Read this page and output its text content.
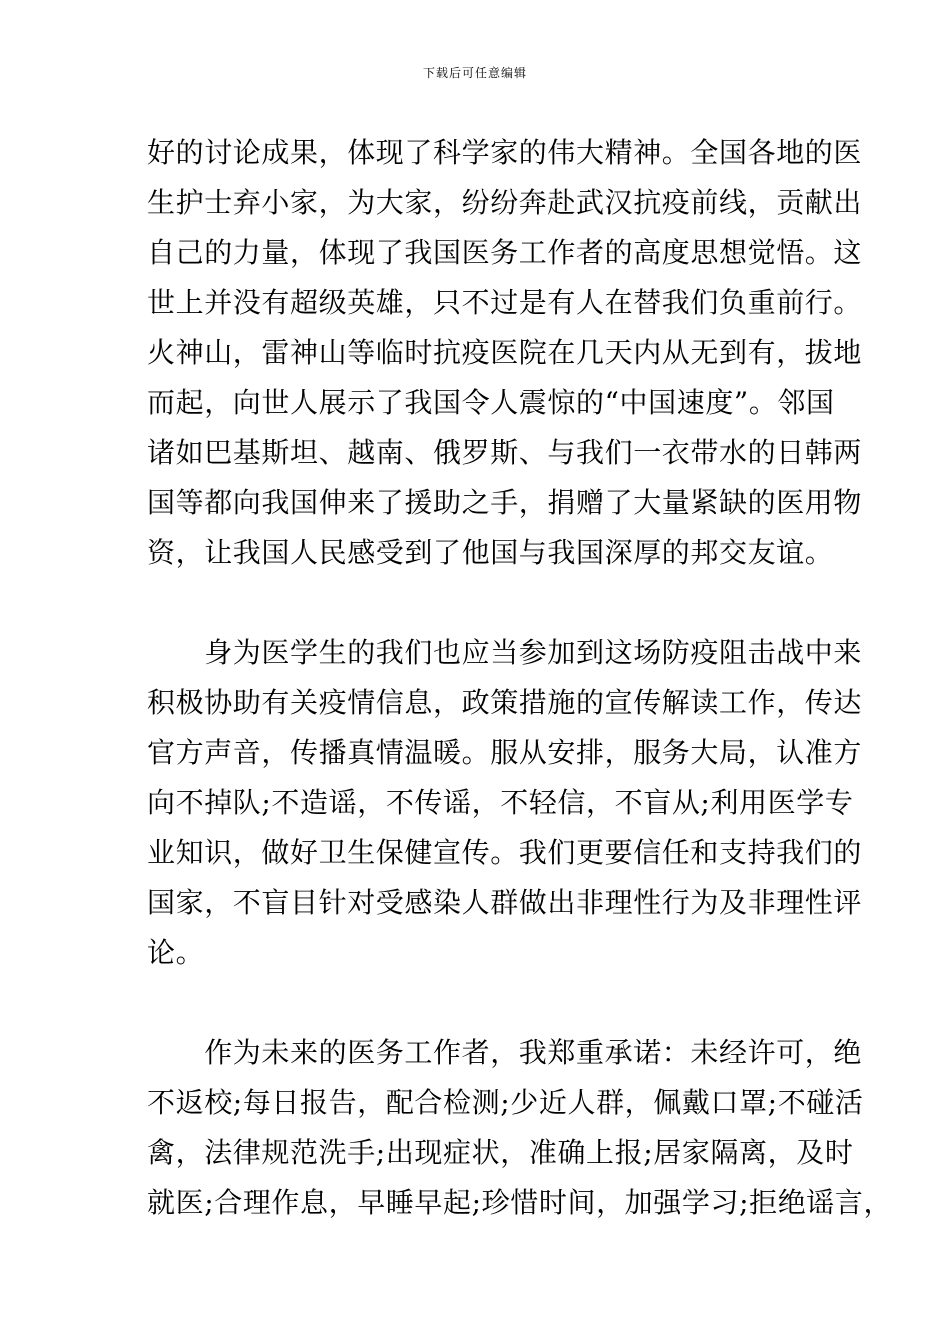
下载后可任意编辑
好的讨论成果，体现了科学家的伟大精神。全国各地的医
生护士弃小家，为大家，纷纷奔赴武汉抗疫前线，贡献出
自己的力量，体现了我国医务工作者的高度思想觉悟。这
世上并没有超级英雄，只不过是有人在替我们负重前行。
火神山，雷神山等临时抗疫医院在几天内从无到有，拔地
而起，向世人展示了我国令人震惊的“中国速度”。邻国
诸如巴基斯坦、越南、俄罗斯、与我们一衣带水的日韩两
国等都向我国伸来了援助之手，捐赠了大量紧缺的医用物
资，让我国人民感受到了他国与我国深厚的邦交友谊。
　　身为医学生的我们也应当参加到这场防疫阻击战中来
积极协助有关疫情信息，政策措施的宣传解读工作，传达
官方声音，传播真情温暖。服从安排，服务大局，认准方
向不掉队;不造谣，不传谣，不轻信，不盲从;利用医学专
业知识，做好卫生保健宣传。我们更要信任和支持我们的
国家，不盲目针对受感染人群做出非理性行为及非理性评
论。
　　作为未来的医务工作者，我郑重承诺：未经许可，绝
不返校;每日报告，配合检测;少近人群，佩戴口罩;不碰活
禽，法律规范洗手;出现症状，准确上报;居家隔离，及时
就医;合理作息，早睡早起;珍惜时间，加强学习;拒绝谣言，
